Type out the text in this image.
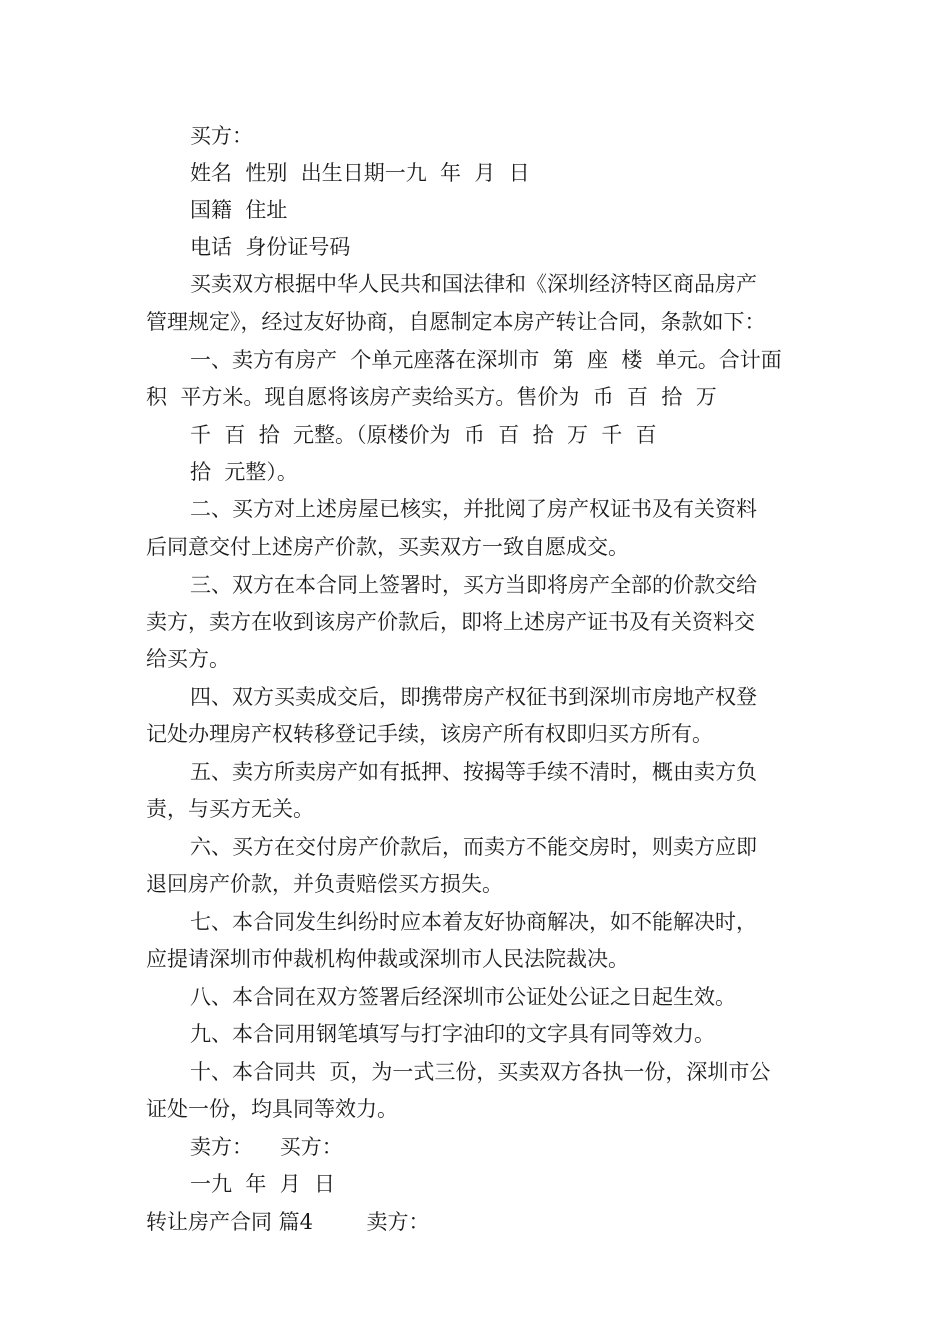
买方：
姓名  性别  出生日期一九  年  月  日
国籍  住址
电话  身份证号码
买卖双方根据中华人民共和国法律和《深圳经济特区商品房产
管理规定》，经过友好协商，自愿制定本房产转让合同，条款如下：
一、卖方有房产  个单元座落在深圳市  第  座  楼  单元。合计面
积  平方米。现自愿将该房产卖给买方。售价为  币  百  拾  万
千  百  拾  元整。（原楼价为  币  百  拾  万  千  百
拾  元整）。
二、买方对上述房屋已核实，并批阅了房产权证书及有关资料
后同意交付上述房产价款，买卖双方一致自愿成交。
三、双方在本合同上签署时，买方当即将房产全部的价款交给
卖方，卖方在收到该房产价款后，即将上述房产证书及有关资料交
给买方。
四、双方买卖成交后，即携带房产权征书到深圳市房地产权登
记处办理房产权转移登记手续，该房产所有权即归买方所有。
五、卖方所卖房产如有抵押、按揭等手续不清时，概由卖方负
责，与买方无关。
六、买方在交付房产价款后，而卖方不能交房时，则卖方应即
退回房产价款，并负责赔偿买方损失。
七、本合同发生纠纷时应本着友好协商解决，如不能解决时，
应提请深圳市仲裁机构仲裁或深圳市人民法院裁决。
八、本合同在双方签署后经深圳市公证处公证之日起生效。
九、本合同用钢笔填写与打字油印的文字具有同等效力。
十、本合同共  页，为一式三份，买卖双方各执一份，深圳市公
证处一份，均具同等效力。
卖方：    买方：
一九  年  月  日
转让房产合同 篇4        卖方：
